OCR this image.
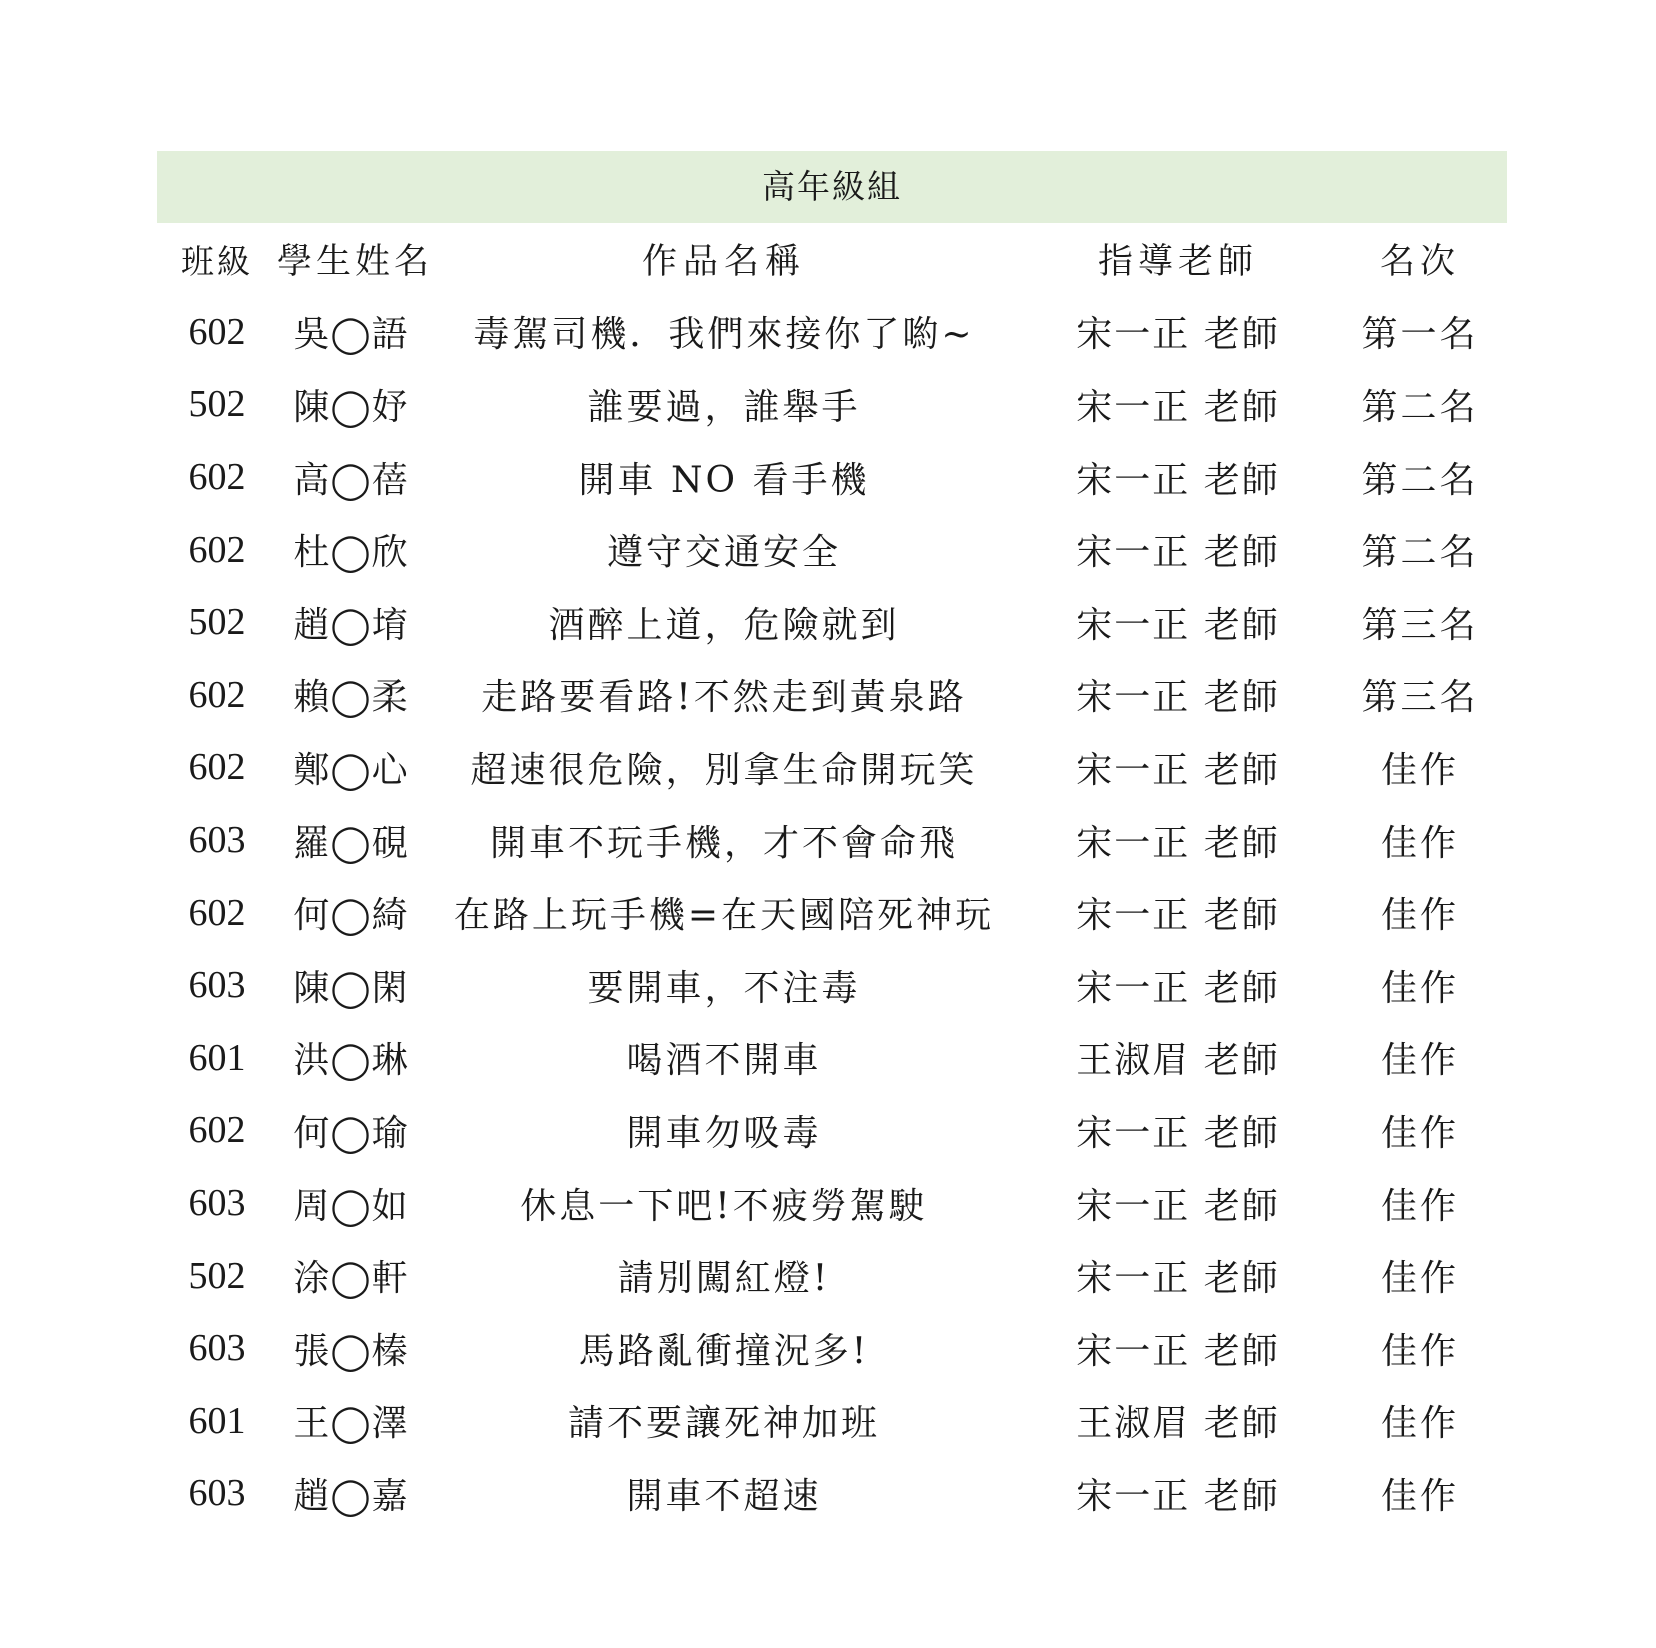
高年級組
班級 學生姓名	作品名稱	指導老師	名次
602	吳◯語	毒駕司機．我們來接你了喲~	宋一正 老師	第一名
502	陳◯妤	誰要過，誰舉手	宋一正 老師	第二名
602	高◯蓓	開車 NO 看手機	宋一正 老師	第二名
602	杜◯欣	遵守交通安全	宋一正 老師	第二名
502	趙◯堉	酒醉上道，危險就到	宋一正 老師	第三名
602	賴◯柔	走路要看路!不然走到黃泉路	宋一正 老師	第三名
602	鄭◯心	超速很危險，別拿生命開玩笑	宋一正 老師	佳作
603	羅◯硯	開車不玩手機，才不會命飛	宋一正 老師	佳作
602	何◯綺	在路上玩手機=在天國陪死神玩	宋一正 老師	佳作
603	陳◯閑	要開車，不注毒	宋一正 老師	佳作
601	洪◯琳	喝酒不開車	王淑眉 老師	佳作
602	何◯瑜	開車勿吸毒	宋一正 老師	佳作
603	周◯如	休息一下吧!不疲勞駕駛	宋一正 老師	佳作
502	涂◯軒	請別闖紅燈!	宋一正 老師	佳作
603	張◯榛	馬路亂衝撞況多!	宋一正 老師	佳作
601	王◯澤	請不要讓死神加班	王淑眉 老師	佳作
603	趙◯嘉	開車不超速	宋一正 老師	佳作
